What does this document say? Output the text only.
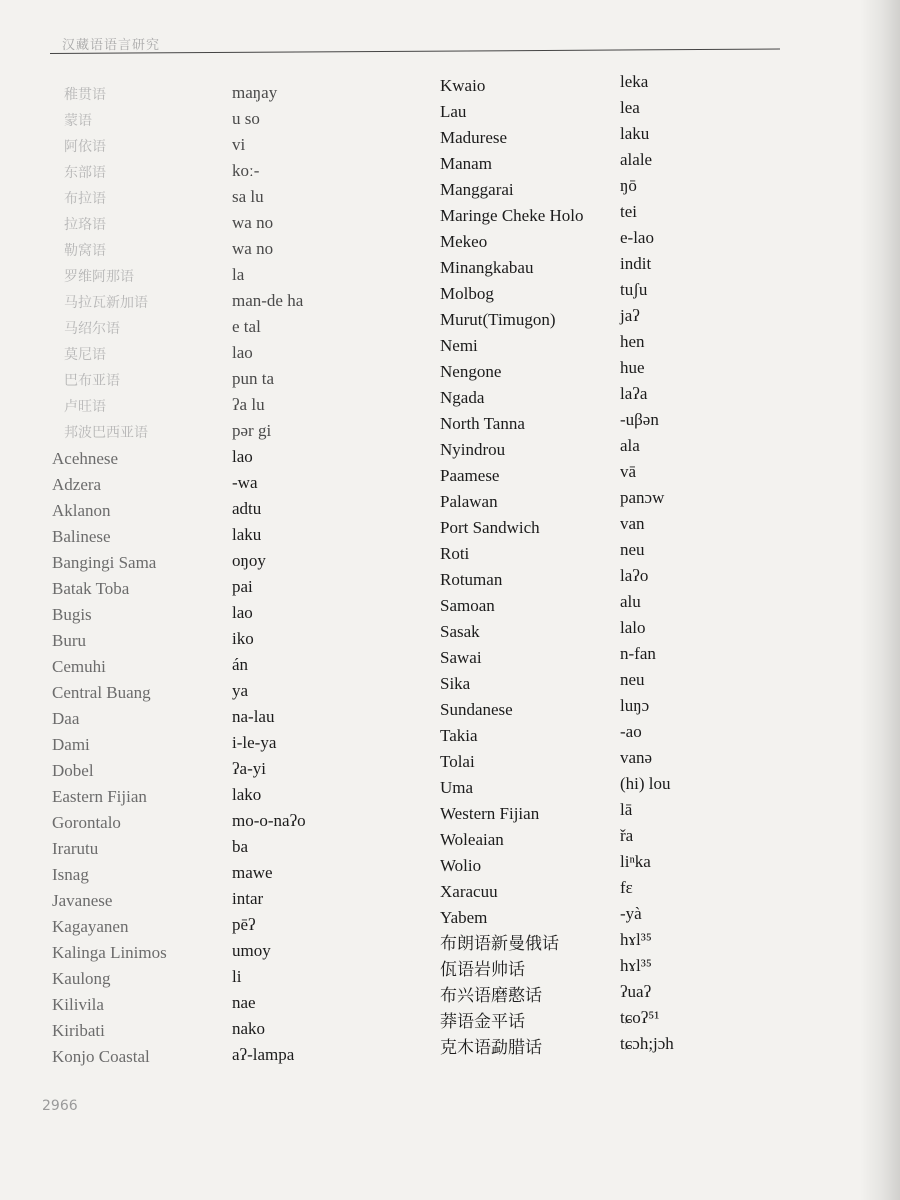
汉藏语语言研究
稚贯语
蒙语
阿依语
东部语
布拉语
拉珞语
勒窝语
罗维阿那语
马拉瓦新加语
马绍尔语
莫尼语
巴布亚语
卢旺语
邦波巴西亚语
Acehnese
Adzera
Aklanon
Balinese
Bangingi Sama
Batak Toba
Bugis
Buru
Cemuhi
Central Buang
Daa
Dami
Dobel
Eastern Fijian
Gorontalo
Irarutu
Isnag
Javanese
Kagayanen
Kalinga Linimos
Kaulong
Kilivila
Kiribati
Konjo Coastal
maŋay
u so
vi
koː-
sa lu
wa no
wa no
la
man-de ha
e tal
lao
pun ta
ʔa lu
pər gi
lao
-wa
adtu
laku
oŋoy
pai
lao
iko
án
ya
na-lau
i-le-ya
ʔa-yi
lako
mo-o-naʔo
ba
mawe
intar
pēʔ
umoy
li
nae
nako
aʔ-lampa
Kwaio
Lau
Madurese
Manam
Manggarai
Maringe Cheke Holo
Mekeo
Minangkabau
Molbog
Murut(Timugon)
Nemi
Nengone
Ngada
North Tanna
Nyindrou
Paamese
Palawan
Port Sandwich
Roti
Rotuman
Samoan
Sasak
Sawai
Sika
Sundanese
Takia
Tolai
Uma
Western Fijian
Woleaian
Wolio
Xaracuu
Yabem
布朗语新曼俄话
佤语岩帅话
布兴语磨憨话
莽语金平话
克木语勐腊话
leka
lea
laku
alale
ŋō
tei
e-lao
indit
tuʃu
jaʔ
hen
hue
laʔa
-uβən
ala
vā
panɔw
van
neu
laʔo
alu
lalo
n-fan
neu
luŋɔ
-ao
vanə
(hi) lou
lā
řa
liⁿka
fɛ
-yà
hɤl³⁵
hɤl³⁵
ʔuaʔ
tɕoʔ⁵¹
tɕɔh;jɔh
2966
